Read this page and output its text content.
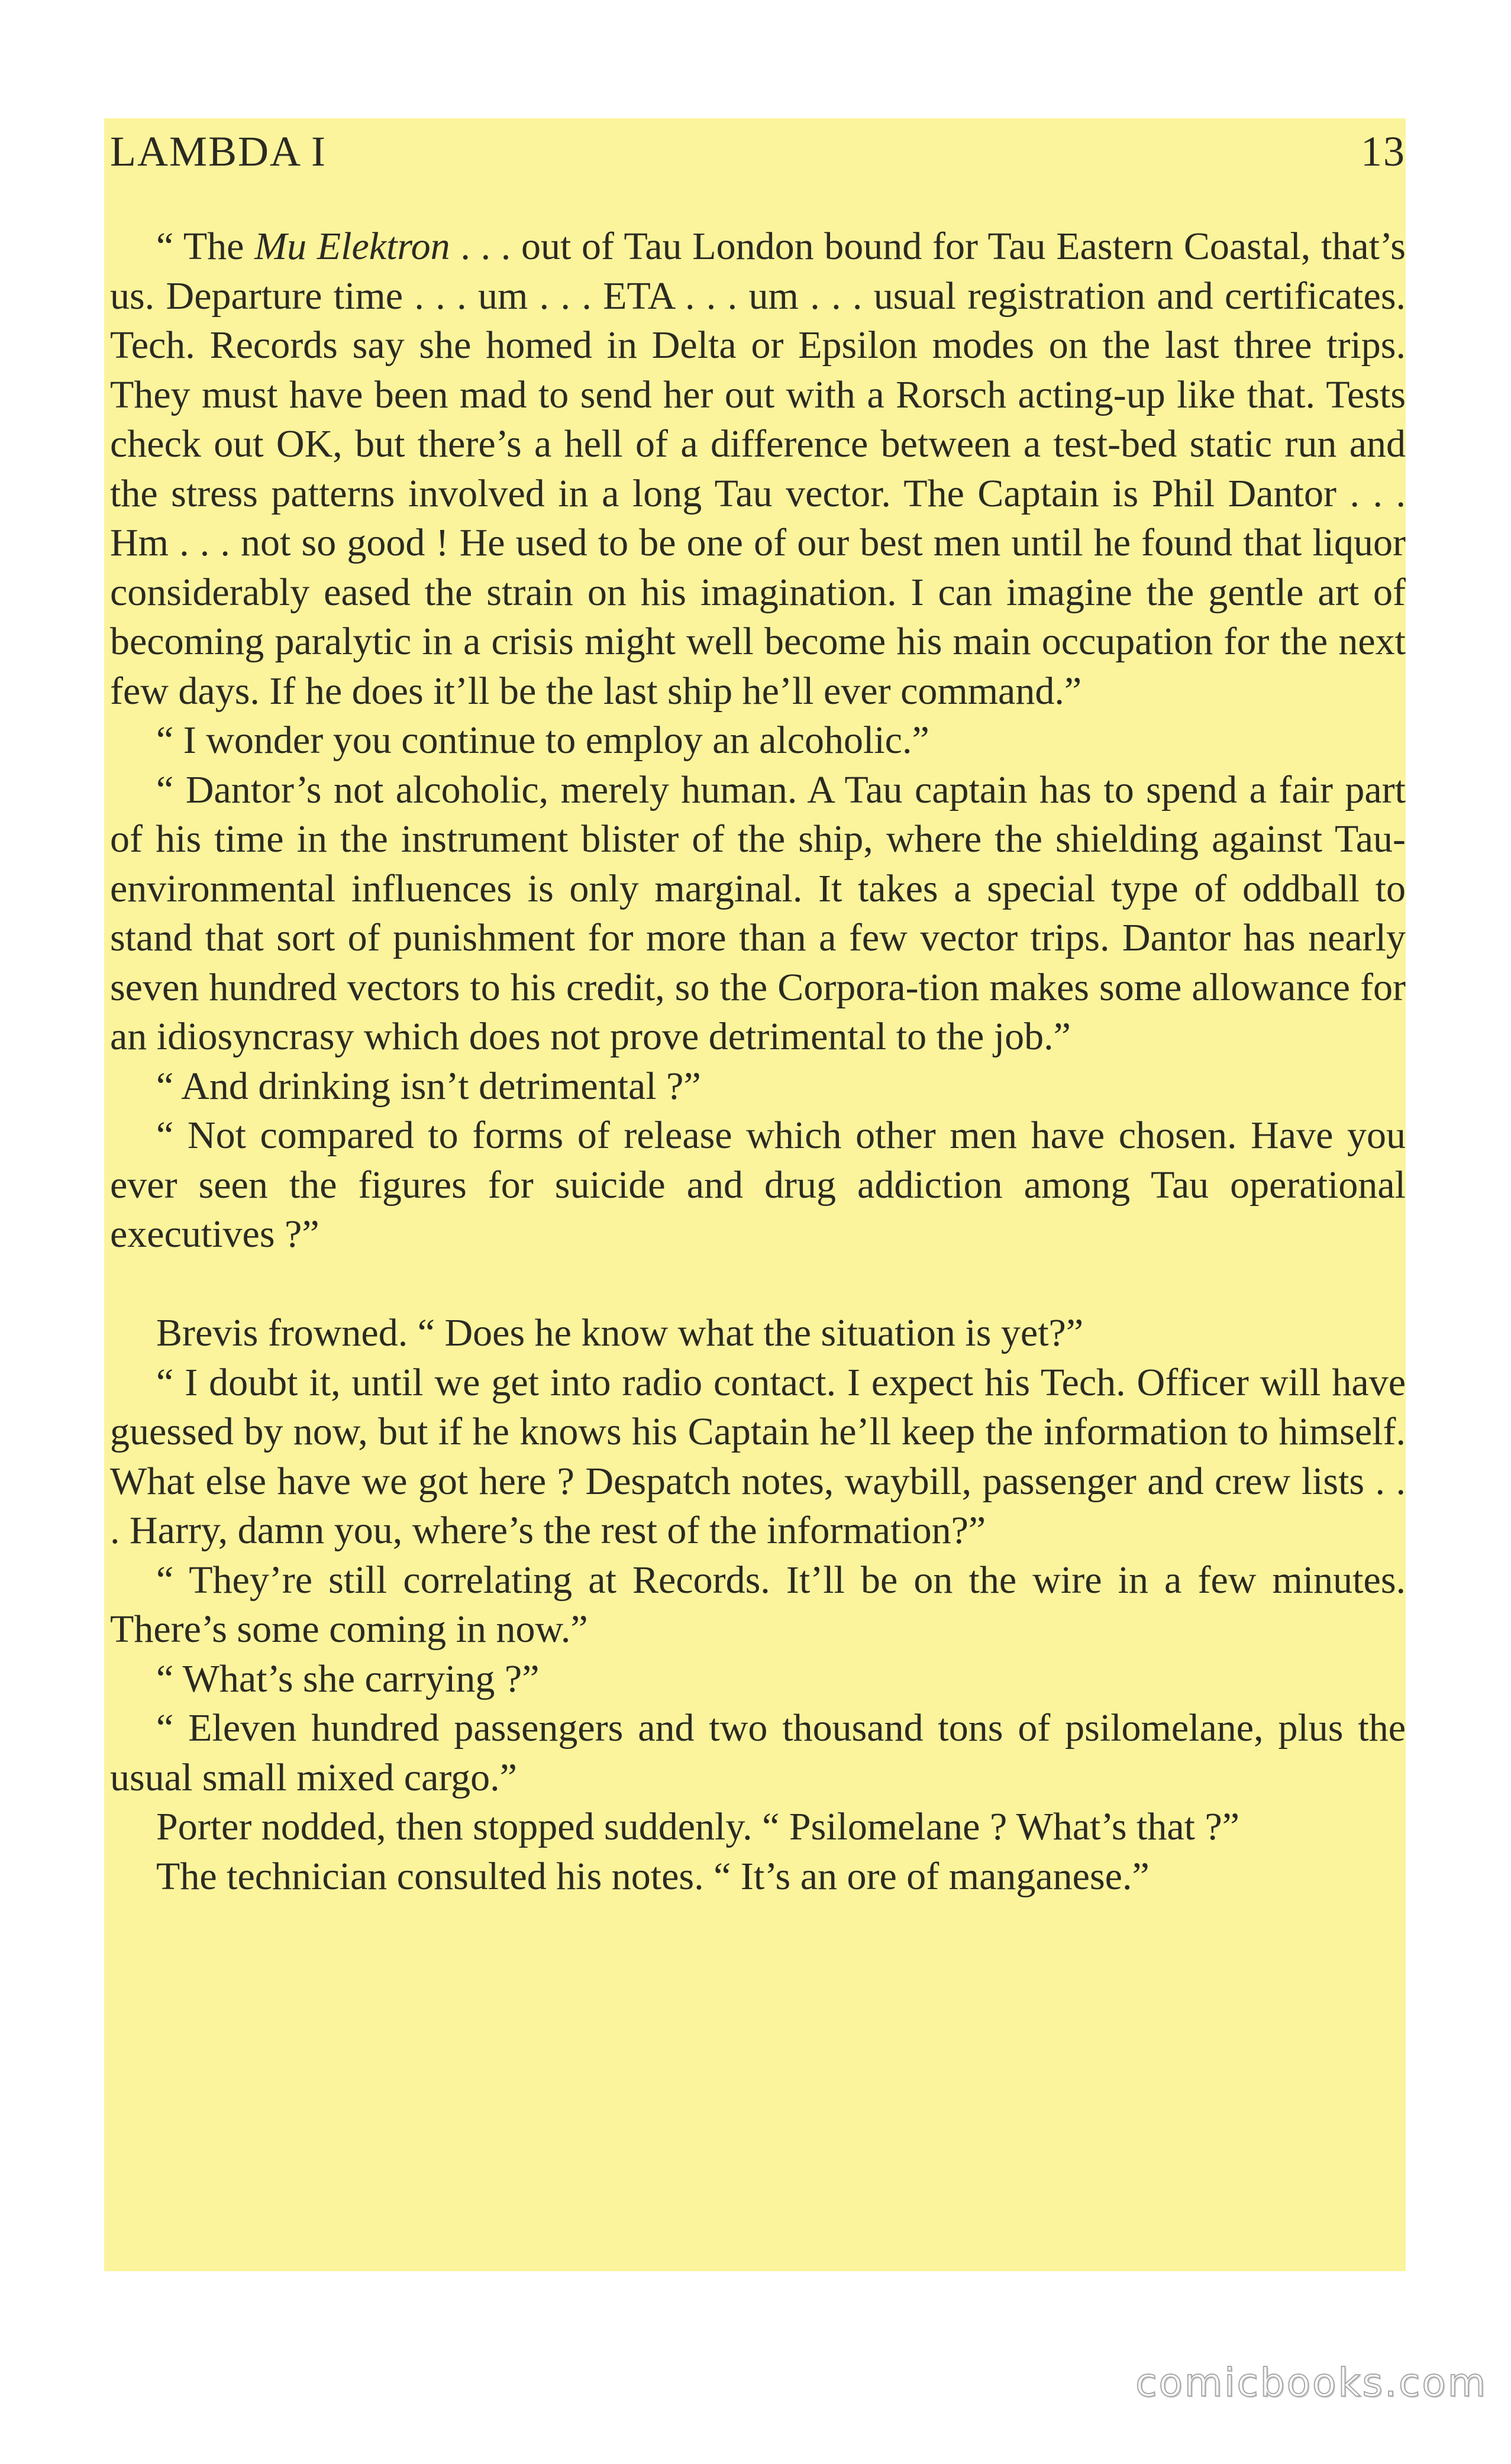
LAMBDA I	13

“ The Mu Elektron . . . out of Tau London bound for Tau Eastern Coastal, that’s us. Departure time . . . um . . . ETA . . . um . . . usual registration and certificates. Tech. Records say she homed in Delta or Epsilon modes on the last three trips. They must have been mad to send her out with a Rorsch acting-up like that. Tests check out OK, but there’s a hell of a difference between a test-bed static run and the stress patterns involved in a long Tau vector. The Captain is Phil Dantor . . . Hm . . . not so good ! He used to be one of our best men until he found that liquor considerably eased the strain on his imagination. I can imagine the gentle art of becoming paralytic in a crisis might well become his main occupation for the next few days. If he does it’ll be the last ship he’ll ever command.”

“ I wonder you continue to employ an alcoholic.”

“ Dantor’s not alcoholic, merely human. A Tau captain has to spend a fair part of his time in the instrument blister of the ship, where the shielding against Tau-environmental influences is only marginal. It takes a special type of oddball to stand that sort of punishment for more than a few vector trips. Dantor has nearly seven hundred vectors to his credit, so the Corpora-tion makes some allowance for an idiosyncrasy which does not prove detrimental to the job.”

“ And drinking isn’t detrimental ?”

“ Not compared to forms of release which other men have chosen. Have you ever seen the figures for suicide and drug addiction among Tau operational executives ?”

Brevis frowned. “ Does he know what the situation is yet?”

“ I doubt it, until we get into radio contact. I expect his Tech. Officer will have guessed by now, but if he knows his Captain he’ll keep the information to himself. What else have we got here ? Despatch notes, waybill, passenger and crew lists . . . Harry, damn you, where’s the rest of the information?”

“ They’re still correlating at Records. It’ll be on the wire in a few minutes. There’s some coming in now.”

“ What’s she carrying ?”

“ Eleven hundred passengers and two thousand tons of psilomelane, plus the usual small mixed cargo.”

Porter nodded, then stopped suddenly. “ Psilomelane ? What’s that ?”

The technician consulted his notes. “ It’s an ore of manganese.”

comicbooks.com
